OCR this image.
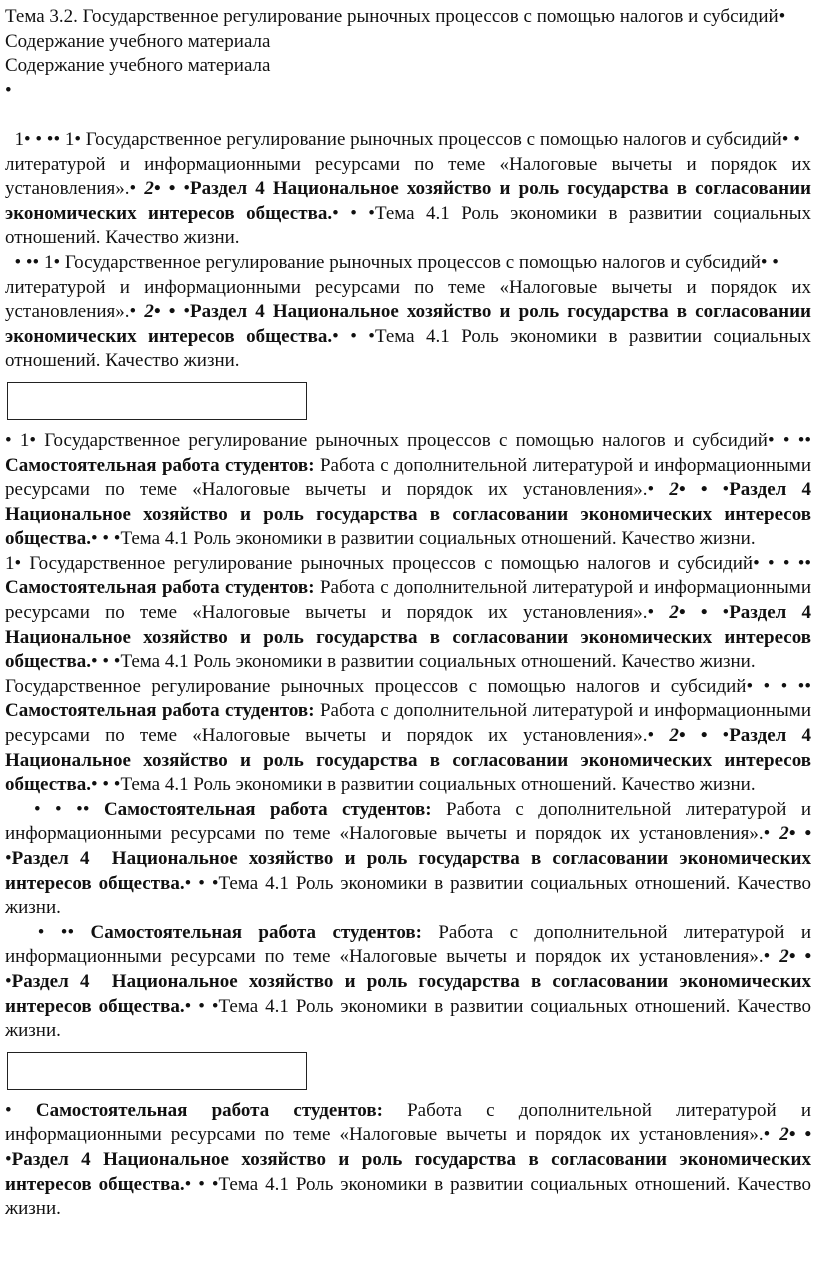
Тема 3.2. Государственное регулирование рыночных процессов с помощью налогов и субсидий• Содержание учебного материала

Содержание учебного материала

•

1• • •• 1• Государственное регулирование рыночных процессов с помощью налогов и субсидий• •

литературой и информационными ресурсами по теме «Налоговые вычеты и порядок их установления».• 2• • •Раздел 4 Национальное хозяйство и роль государства в согласовании экономических интересов общества.• • •Тема 4.1 Роль экономики в развитии социальных отношений. Качество жизни.

• •• 1• Государственное регулирование рыночных процессов с помощью налогов и субсидий• •

литературой и информационными ресурсами по теме «Налоговые вычеты и порядок их установления».• 2• • •Раздел 4 Национальное хозяйство и роль государства в согласовании экономических интересов общества.• • •Тема 4.1 Роль экономики в развитии социальных отношений. Качество жизни.

• 1• Государственное регулирование рыночных процессов с помощью налогов и субсидий• • •• Самостоятельная работа студентов: Работа с дополнительной литературой и информационными ресурсами по теме «Налоговые вычеты и порядок их установления».• 2• • •Раздел 4 Национальное хозяйство и роль государства в согласовании экономических интересов общества.• • •Тема 4.1 Роль экономики в развитии социальных отношений. Качество жизни.

1• Государственное регулирование рыночных процессов с помощью налогов и субсидий• • • •• Самостоятельная работа студентов: Работа с дополнительной литературой и информационными ресурсами по теме «Налоговые вычеты и порядок их установления».• 2• • •Раздел 4 Национальное хозяйство и роль государства в согласовании экономических интересов общества.• • •Тема 4.1 Роль экономики в развитии социальных отношений. Качество жизни.

Государственное регулирование рыночных процессов с помощью налогов и субсидий• • • •• Самостоятельная работа студентов: Работа с дополнительной литературой и информационными ресурсами по теме «Налоговые вычеты и порядок их установления».• 2• • •Раздел 4 Национальное хозяйство и роль государства в согласовании экономических интересов общества.• • •Тема 4.1 Роль экономики в развитии социальных отношений. Качество жизни.

• • •• Самостоятельная работа студентов: Работа с дополнительной литературой и информационными ресурсами по теме «Налоговые вычеты и порядок их установления».• 2• • •Раздел 4  Национальное хозяйство и роль государства в согласовании экономических интересов общества.• • •Тема 4.1 Роль экономики в развитии социальных отношений. Качество жизни.

• •• Самостоятельная работа студентов: Работа с дополнительной литературой и информационными ресурсами по теме «Налоговые вычеты и порядок их установления».• 2• • •Раздел 4  Национальное хозяйство и роль государства в согласовании экономических интересов общества.• • •Тема 4.1 Роль экономики в развитии социальных отношений. Качество жизни.

• Самостоятельная работа студентов: Работа с дополнительной литературой и информационными ресурсами по теме «Налоговые вычеты и порядок их установления».• 2• • •Раздел 4 Национальное хозяйство и роль государства в согласовании экономических интересов общества.• • •Тема 4.1 Роль экономики в развитии социальных отношений. Качество жизни.
